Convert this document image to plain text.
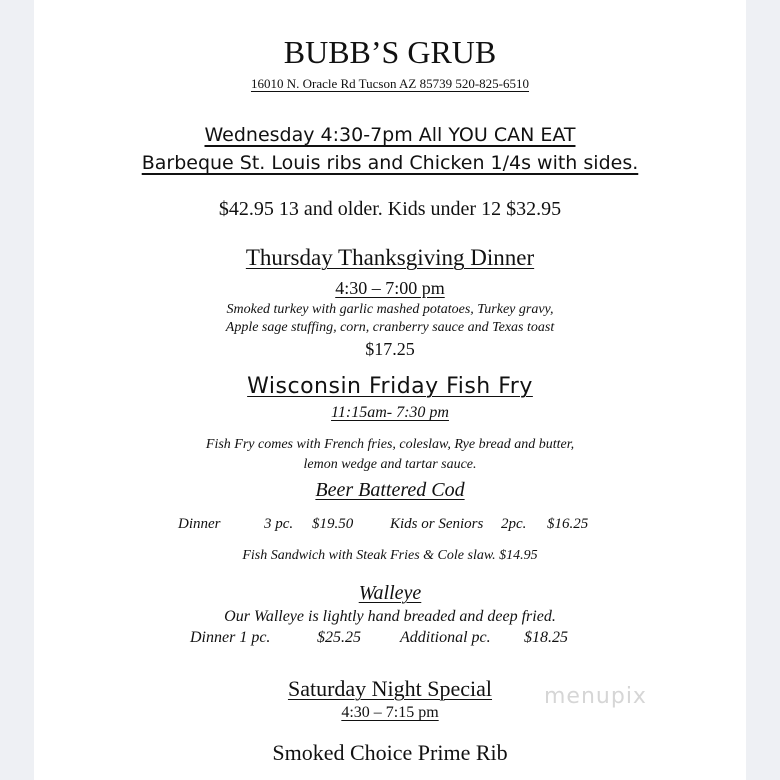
BUBB’S GRUB
16010 N. Oracle Rd Tucson AZ 85739 520-825-6510
Wednesday 4:30-7pm All YOU CAN EAT
Barbeque St. Louis ribs and Chicken 1/4s with sides.
$42.95 13 and older. Kids under 12 $32.95
Thursday Thanksgiving Dinner
4:30 – 7:00 pm
Smoked turkey with garlic mashed potatoes, Turkey gravy,
Apple sage stuffing, corn, cranberry sauce and Texas toast
$17.25
Wisconsin Friday Fish Fry
11:15am- 7:30 pm
Fish Fry comes with French fries, coleslaw, Rye bread and butter,
lemon wedge and tartar sauce.
Beer Battered Cod
Dinner	3 pc. $19.50 Kids or Seniors 2pc. $16.25
Fish Sandwich with Steak Fries & Cole slaw. $14.95
Walleye
Our Walleye is lightly hand breaded and deep fried.
Dinner 1 pc.	$25.25 Additional pc. $18.25
Saturday Night Special
4:30 – 7:15 pm
Smoked Choice Prime Rib
menupix
